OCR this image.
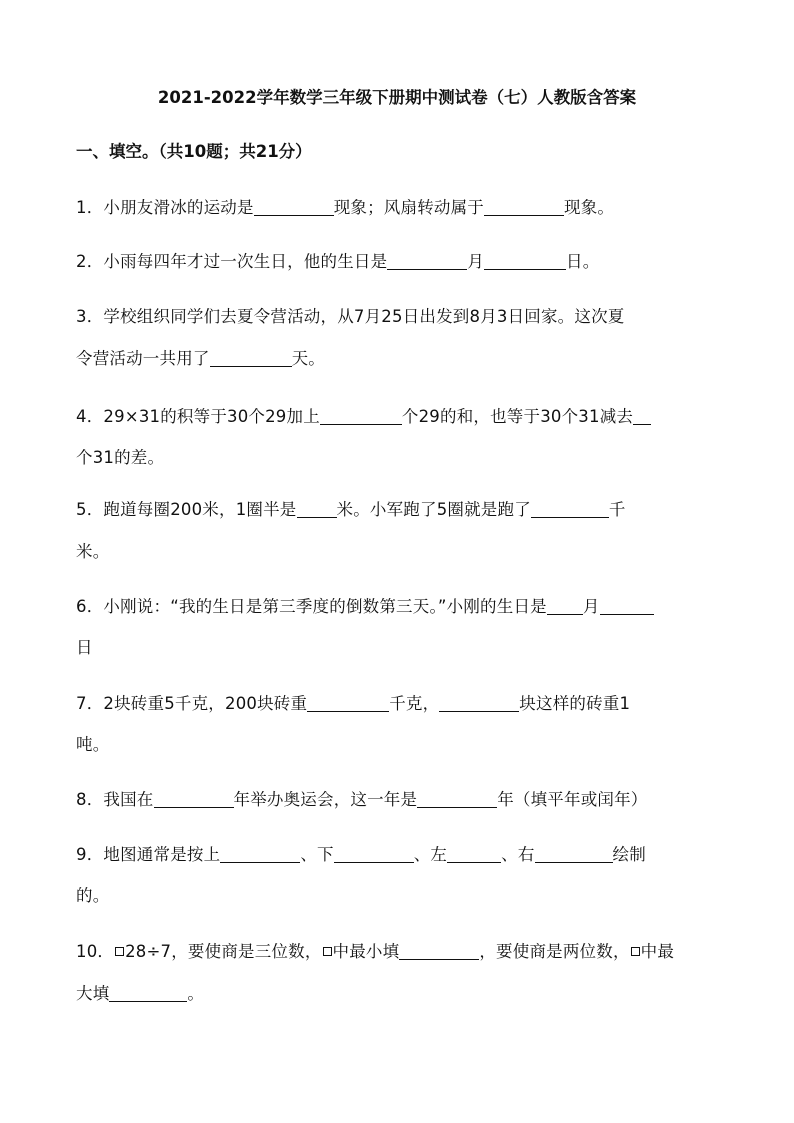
2021-2022学年数学三年级下册期中测试卷（七）人教版含答案
一、填空。（共10题；共21分）
1．小朋友滑冰的运动是	现象；风扇转动属于	现象。
2．小雨每四年才过一次生日，他的生日是	月	日。
3．学校组织同学们去夏令营活动，从7月25日出发到8月3日回家。这次夏
令营活动一共用了	天。
4．29×31的积等于30个29加上	个29的和，也等于30个31减去
个31的差。
5．跑道每圈200米，1圈半是 米。小军跑了5圈就是跑了	千
米。
6．小刚说：“我的生日是第三季度的倒数第三天。”小刚的生日是 月
日
7．2块砖重5千克，200块砖重	千克，	块这样的砖重1
吨。
8．我国在	年举办奥运会，这一年是	年（填平年或闰年）
9．地图通常是按上	、下	、左	、右	绘制
的。
10． 28÷7，要使商是三位数， 中最小填	，要使商是两位数， 中最
大填	。
